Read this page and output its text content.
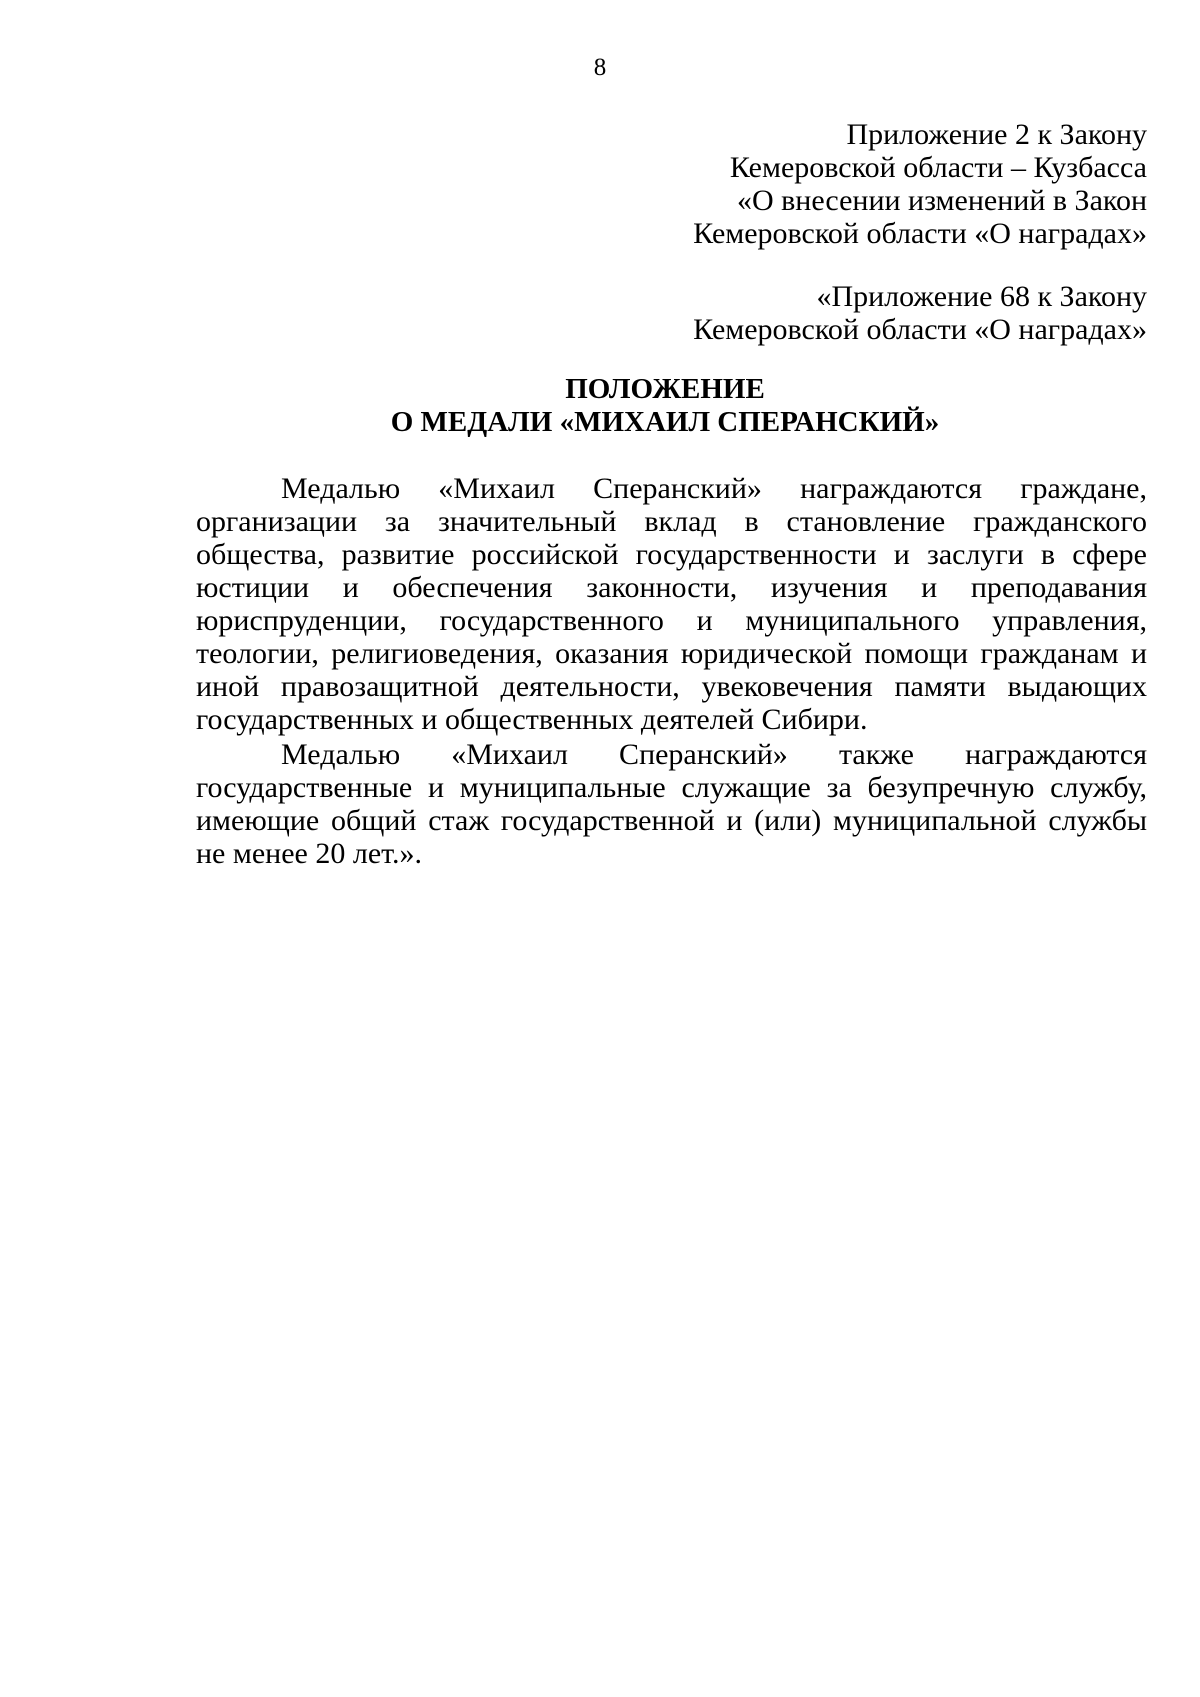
8
Приложение 2 к Закону
Кемеровской области – Кузбасса
«О внесении изменений в Закон
Кемеровской области «О наградах»
«Приложение 68 к Закону
Кемеровской области «О наградах»
ПОЛОЖЕНИЕ
О МЕДАЛИ «МИХАИЛ СПЕРАНСКИЙ»

Медалью «Михаил Сперанский» награждаются граждане, организации за значительный вклад в становление гражданского общества, развитие российской государственности и заслуги в сфере юстиции и обеспечения законности, изучения и преподавания юриспруденции, государственного и муниципального управления, теологии, религиоведения, оказания юридической помощи гражданам и иной правозащитной деятельности, увековечения памяти выдающих государственных и общественных деятелей Сибири.

Медалью «Михаил Сперанский» также награждаются государственные и муниципальные служащие за безупречную службу, имеющие общий стаж государственной и (или) муниципальной службы не менее 20 лет.».
